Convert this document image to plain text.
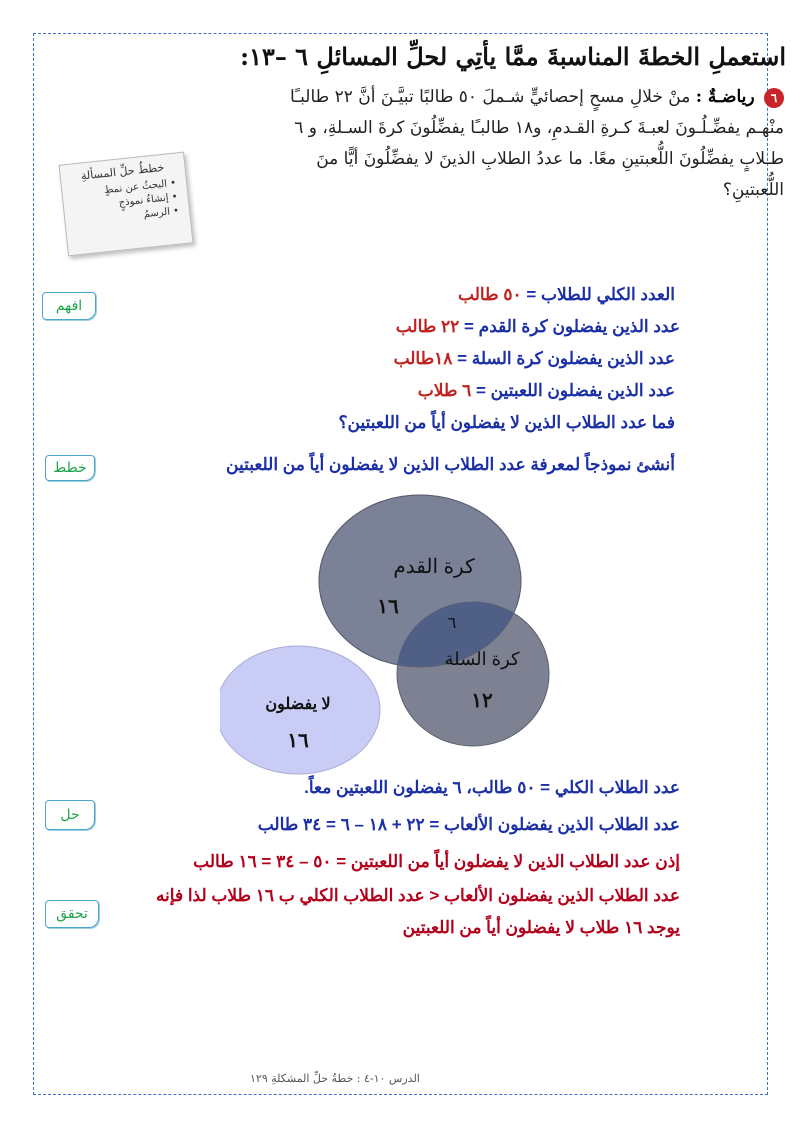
استعملِ الخطةَ المناسبةَ ممَّا يأتِي لحلِّ المسائلِ ٦ –١٣:
٦ رياضـةٌ : منْ خلالِ مسحٍ إحصائيٍّ شـملَ ٥٠ طالبًا تبيَّـنَ أنَّ ٢٢ طالبـًا منْهـم يفضِّـلُـونَ لعبـةَ كـرةِ القـدمِ، و١٨ طالبـًا يفضِّلُونَ كرةَ السـلةِ، و ٦ طـلابٍ يفضِّلُونَ اللُّعبتينِ معًا. ما عددُ الطلابِ الذينَ لا يفضِّلُونَ أيًّا منَ اللُّعبتينِ؟
خططُ حلِّ المسألةِ
• البحثُ عن نمطٍ
• إنشاءُ نموذجٍ
• الرسمُ
افهم
العدد الكلي للطلاب = ٥٠ طالب
عدد الذين يفضلون كرة القدم = ٢٢ طالب
عدد الذين يفضلون كرة السلة = ١٨طالب
عدد الذين يفضلون اللعبتين = ٦ طلاب
فما عدد الطلاب الذين لا يفضلون أياً من اللعبتين؟
خطط	أنشئ نموذجاً لمعرفة عدد الطلاب الذين لا يفضلون أياً من اللعبتين
كرة القدم
١٦
٦
كرة السلة
١٢
لا يفضلون
١٦
حل
عدد الطلاب الكلي = ٥٠ طالب، ٦ يفضلون اللعبتين معاً.
عدد الطلاب الذين يفضلون الألعاب = ٢٢ + ١٨ – ٦ = ٣٤ طالب
إذن عدد الطلاب الذين لا يفضلون أياً من اللعبتين = ٥٠ – ٣٤ = ١٦ طالب
تحقق
عدد الطلاب الذين يفضلون الألعاب < عدد الطلاب الكلي ب ١٦ طلاب لذا فإنه
يوجد ١٦ طلاب لا يفضلون أياً من اللعبتين
الدرس ١٠-٤ : خطةُ حلِّ المشكلةِ ١٢٩
